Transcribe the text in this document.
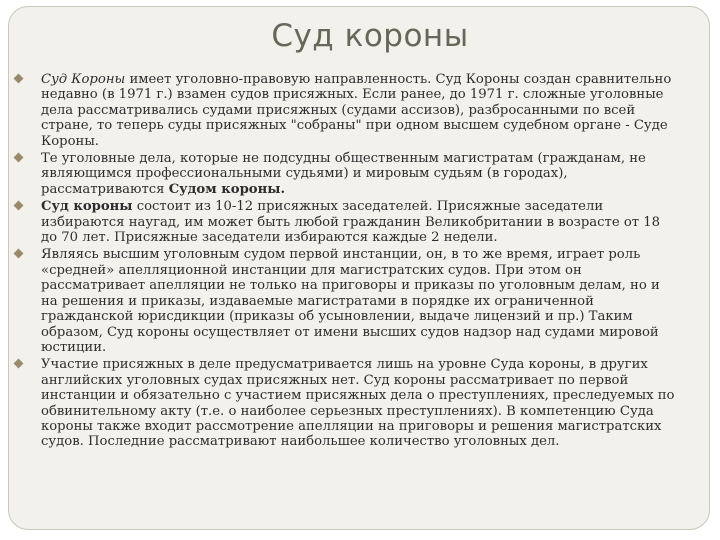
Суд короны
Суд Короны имеет уголовно-правовую направленность. Суд Короны создан сравнительно недавно (в 1971 г.) взамен судов присяжных. Если ранее, до 1971 г. сложные уголовные дела рассматривались судами присяжных (судами ассизов), разбросанными по всей стране, то теперь суды присяжных "собраны" при одном высшем судебном органе - Суде Короны.
Те уголовные дела, которые не подсудны общественным магистратам (гражданам, не являющимся профессиональными судьями) и мировым судьям (в городах), рассматриваются Судом короны.
Суд короны состоит из 10-12 присяжных заседателей. Присяжные заседатели избираются наугад, им может быть любой гражданин Великобритании в возрасте от 18 до 70 лет. Присяжные заседатели избираются каждые 2 недели.
Являясь высшим уголовным судом первой инстанции, он, в то же время, играет роль «средней» апелляционной инстанции для магистратских судов. При этом он рассматривает апелляции не только на приговоры и приказы по уголовным делам, но и на решения и приказы, издаваемые магистратами в порядке их ограниченной гражданской юрисдикции (приказы об усыновлении, выдаче лицензий и пр.) Таким образом, Суд короны осуществляет от имени высших судов надзор над судами мировой юстиции.
Участие присяжных в деле предусматривается лишь на уровне Суда короны, в других английских уголовных судах присяжных нет. Суд короны рассматривает по первой инстанции и обязательно с участием присяжных дела о преступлениях, преследуемых по обвинительному акту (т.е. о наиболее серьезных преступлениях). В компетенцию Суда короны также входит рассмотрение апелляции на приговоры и решения магистратских судов. Последние рассматривают наибольшее количество уголовных дел.
